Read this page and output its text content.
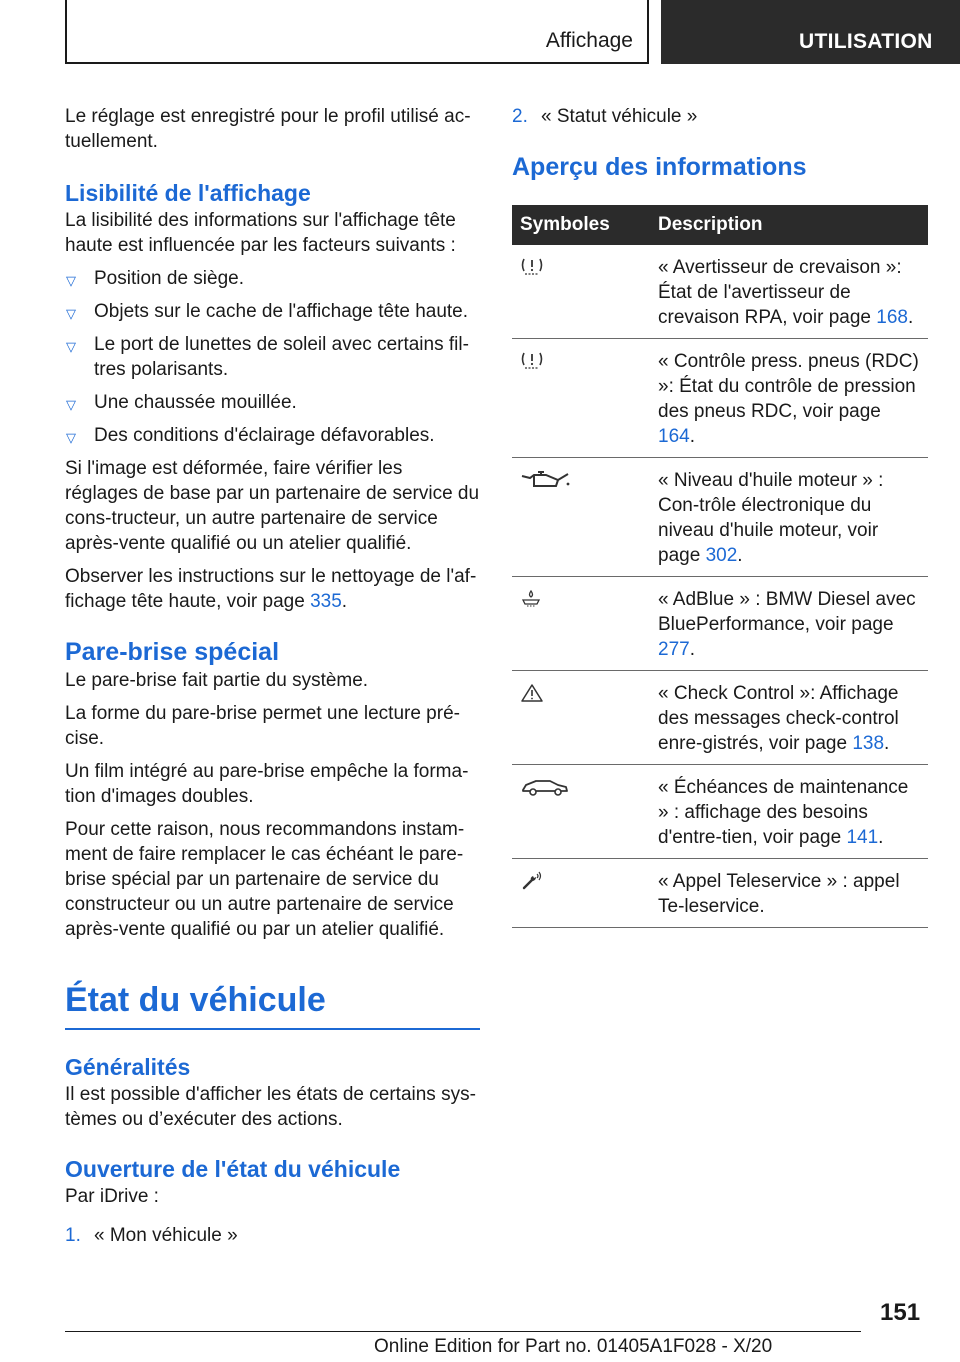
Affichage	UTILISATION

Le réglage est enregistré pour le profil utilisé ac-tuellement.

Lisibilité de l'affichage

La lisibilité des informations sur l'affichage tête haute est influencée par les facteurs suivants :

▽ Position de siège.
▽ Objets sur le cache de l'affichage tête haute.
▽ Le port de lunettes de soleil avec certains fil-tres polarisants.
▽ Une chaussée mouillée.
▽ Des conditions d'éclairage défavorables.

Si l'image est déformée, faire vérifier les réglages de base par un partenaire de service du cons-tructeur, un autre partenaire de service après-vente qualifié ou un atelier qualifié.

Observer les instructions sur le nettoyage de l'af-fichage tête haute, voir page 335.

Pare-brise spécial

Le pare-brise fait partie du système.

La forme du pare-brise permet une lecture pré-cise.

Un film intégré au pare-brise empêche la forma-tion d'images doubles.

Pour cette raison, nous recommandons instam-ment de faire remplacer le cas échéant le pare-brise spécial par un partenaire de service du constructeur ou un autre partenaire de service après-vente qualifié ou par un atelier qualifié.

État du véhicule
Généralités

Il est possible d'afficher les états de certains sys-tèmes ou d’exécuter des actions.

Ouverture de l'état du véhicule

Par iDrive :

1. « Mon véhicule »
2. « Statut véhicule »
Aperçu des informations
Symboles	Description

	« Avertisseur de crevaison »: État de l'avertisseur de crevaison RPA, voir page 168.

	« Contrôle press. pneus (RDC) »: État du contrôle de pression des pneus RDC, voir page 164.

	« Niveau d'huile moteur » : Con-trôle électronique du niveau d'huile moteur, voir page 302.

	« AdBlue » : BMW Diesel avec BluePerformance, voir page 277.

	« Check Control »: Affichage des messages check-control enre-gistrés, voir page 138.

	« Échéances de maintenance » : affichage des besoins d'entre-tien, voir page 141.

	« Appel Teleservice » : appel Te-leservice.
151
Online Edition for Part no. 01405A1F028 - X/20
